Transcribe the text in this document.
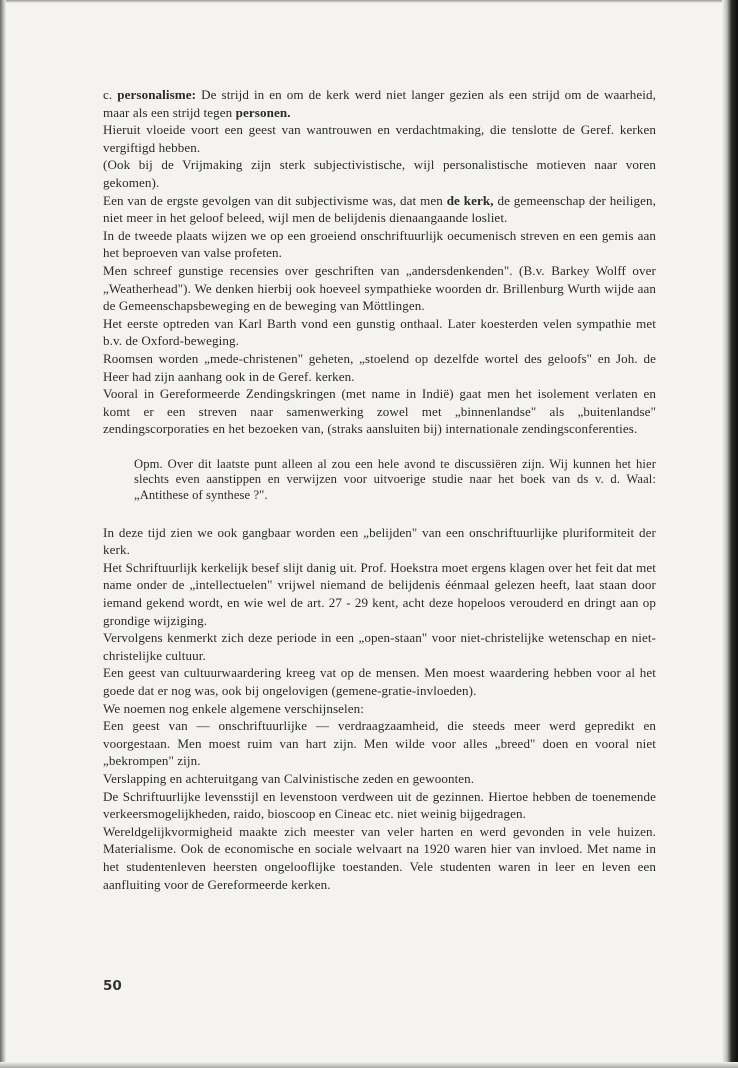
c. personalisme: De strijd in en om de kerk werd niet langer gezien als een strijd om de waarheid, maar als een strijd tegen personen.

Hieruit vloeide voort een geest van wantrouwen en verdachtmaking, die tenslotte de Geref. kerken vergiftigd hebben.

(Ook bij de Vrijmaking zijn sterk subjectivistische, wijl personalistische motieven naar voren gekomen).

Een van de ergste gevolgen van dit subjectivisme was, dat men de kerk, de gemeenschap der heiligen, niet meer in het geloof beleed, wijl men de belijdenis dienaangaande losliet.

In de tweede plaats wijzen we op een groeiend onschriftuurlijk oecumenisch streven en een gemis aan het beproeven van valse profeten.

Men schreef gunstige recensies over geschriften van „andersdenkenden". (B.v. Barkey Wolff over „Weatherhead"). We denken hierbij ook hoeveel sympathieke woorden dr. Brillenburg Wurth wijde aan de Gemeenschapsbeweging en de beweging van Möttlingen.

Het eerste optreden van Karl Barth vond een gunstig onthaal. Later koesterden velen sympathie met b.v. de Oxford-beweging.

Roomsen worden „mede-christenen" geheten, „stoelend op dezelfde wortel des geloofs" en Joh. de Heer had zijn aanhang ook in de Geref. kerken.

Vooral in Gereformeerde Zendingskringen (met name in Indië) gaat men het isolement verlaten en komt er een streven naar samenwerking zowel met „binnenlandse" als „buitenlandse" zendingscorporaties en het bezoeken van, (straks aansluiten bij) internationale zendingsconferenties.

Opm. Over dit laatste punt alleen al zou een hele avond te discussiëren zijn. Wij kunnen het hier slechts even aanstippen en verwijzen voor uitvoerige studie naar het boek van ds v. d. Waal: „Antithese of synthese ?".

In deze tijd zien we ook gangbaar worden een „belijden" van een onschriftuurlijke pluriformiteit der kerk.

Het Schriftuurlijk kerkelijk besef slijt danig uit. Prof. Hoekstra moet ergens klagen over het feit dat met name onder de „intellectuelen" vrijwel niemand de belijdenis éénmaal gelezen heeft, laat staan door iemand gekend wordt, en wie wel de art. 27 - 29 kent, acht deze hopeloos verouderd en dringt aan op grondige wijziging.

Vervolgens kenmerkt zich deze periode in een „open-staan" voor niet-christelijke wetenschap en niet-christelijke cultuur.

Een geest van cultuurwaardering kreeg vat op de mensen. Men moest waardering hebben voor al het goede dat er nog was, ook bij ongelovigen (gemene-gratie-invloeden).

We noemen nog enkele algemene verschijnselen:

Een geest van — onschriftuurlijke — verdraagzaamheid, die steeds meer werd gepredikt en voorgestaan. Men moest ruim van hart zijn. Men wilde voor alles „breed" doen en vooral niet „bekrompen" zijn.

Verslapping en achteruitgang van Calvinistische zeden en gewoonten.

De Schriftuurlijke levensstijl en levenstoon verdween uit de gezinnen. Hiertoe hebben de toenemende verkeersmogelijkheden, raido, bioscoop en Cineac etc. niet weinig bijgedragen.

Wereldgelijkvormigheid maakte zich meester van veler harten en werd gevonden in vele huizen. Materialisme. Ook de economische en sociale welvaart na 1920 waren hier van invloed. Met name in het studentenleven heersten ongelooflijke toestanden. Vele studenten waren in leer en leven een aanfluiting voor de Gereformeerde kerken.

50
